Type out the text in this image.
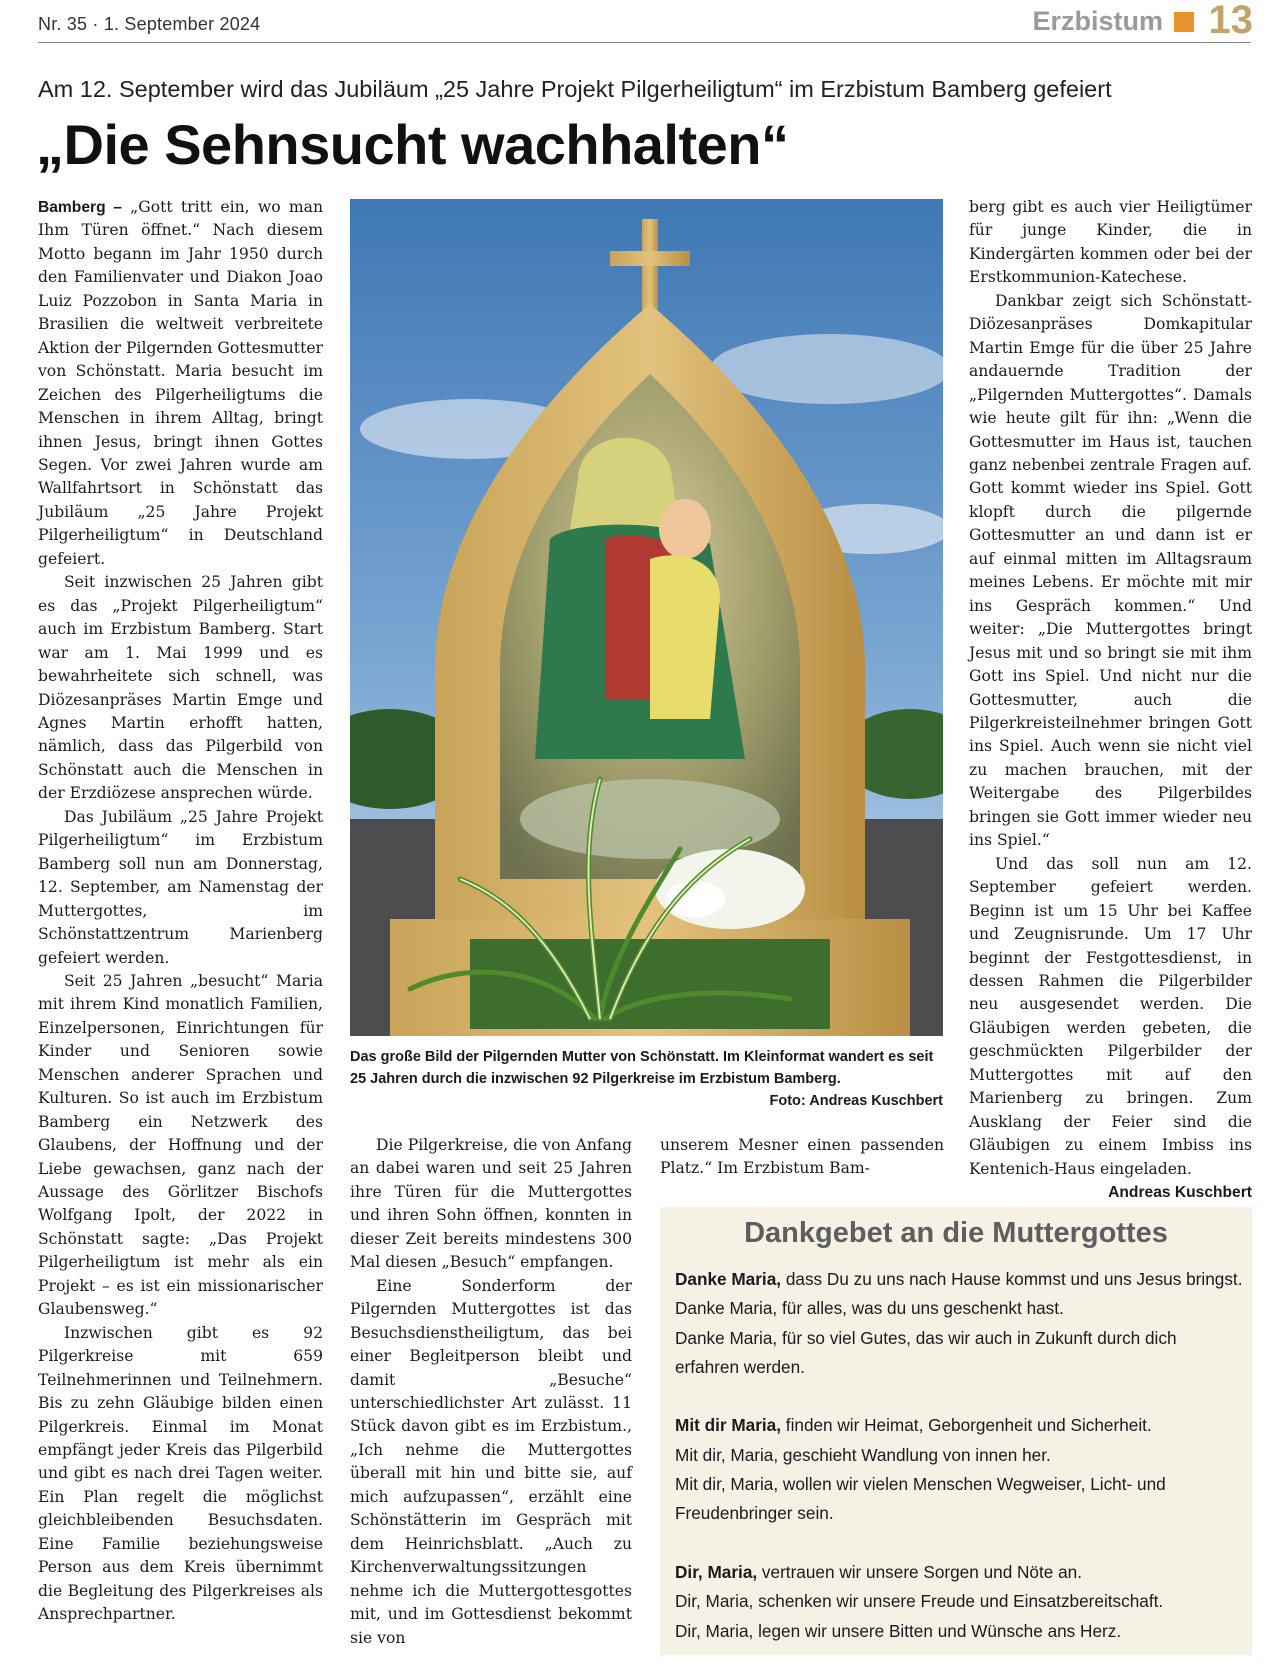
Nr. 35 · 1. September 2024	Erzbistum 13
Am 12. September wird das Jubiläum „25 Jahre Projekt Pilgerheiligtum“ im Erzbistum Bamberg gefeiert
„Die Sehnsucht wachhalten“

Bamberg – „Gott tritt ein, wo man Ihm Türen öffnet.“ Nach diesem Motto begann im Jahr 1950 durch den Familienvater und Diakon Joao Luiz Pozzobon in Santa Maria in Brasilien die weltweit verbreitete Aktion der Pilgernden Gottesmutter von Schönstatt. Maria besucht im Zeichen des Pilgerheiligtums die Menschen in ihrem Alltag, bringt ihnen Jesus, bringt ihnen Gottes Segen. Vor zwei Jahren wurde am Wallfahrtsort in Schönstatt das Jubiläum „25 Jahre Projekt Pilgerheiligtum“ in Deutschland gefeiert.

Seit inzwischen 25 Jahren gibt es das „Projekt Pilgerheiligtum“ auch im Erzbistum Bamberg. Start war am 1. Mai 1999 und es bewahrheitete sich schnell, was Diözesanpräses Martin Emge und Agnes Martin erhofft hatten, nämlich, dass das Pilgerbild von Schönstatt auch die Menschen in der Erzdiözese ansprechen würde.

Das Jubiläum „25 Jahre Projekt Pilgerheiligtum“ im Erzbistum Bamberg soll nun am Donnerstag, 12. September, am Namenstag der Muttergottes, im Schönstattzentrum Marienberg gefeiert werden.

Seit 25 Jahren „besucht“ Maria mit ihrem Kind monatlich Familien, Einzelpersonen, Einrichtungen für Kinder und Senioren sowie Menschen anderer Sprachen und Kulturen. So ist auch im Erzbistum Bamberg ein Netzwerk des Glaubens, der Hoffnung und der Liebe gewachsen, ganz nach der Aussage des Görlitzer Bischofs Wolfgang Ipolt, der 2022 in Schönstatt sagte: „Das Projekt Pilgerheiligtum ist mehr als ein Projekt – es ist ein missionarischer Glaubensweg.“

Inzwischen gibt es 92 Pilgerkreise mit 659 Teilnehmerinnen und Teilnehmern. Bis zu zehn Gläubige bilden einen Pilgerkreis. Einmal im Monat empfängt jeder Kreis das Pilgerbild und gibt es nach drei Tagen weiter. Ein Plan regelt die möglichst gleichbleibenden Besuchsdaten. Eine Familie beziehungsweise Person aus dem Kreis übernimmt die Begleitung des Pilgerkreises als Ansprechpartner.

Das große Bild der Pilgernden Mutter von Schönstatt. Im Kleinformat wandert es seit 25 Jahren durch die inzwischen 92 Pilgerkreise im Erzbistum Bamberg.
Foto: Andreas Kuschbert

Die Pilgerkreise, die von Anfang an dabei waren und seit 25 Jahren ihre Türen für die Muttergottes und ihren Sohn öffnen, konnten in dieser Zeit bereits mindestens 300 Mal diesen „Besuch“ empfangen.

Eine Sonderform der Pilgernden Muttergottes ist das Besuchsdienstheiligtum, das bei einer Begleitperson bleibt und damit „Besuche“ unterschiedlichster Art zulässt. 11 Stück davon gibt es im Erzbistum., „Ich nehme die Muttergottes überall mit hin und bitte sie, auf mich aufzupassen“, erzählt eine Schönstätterin im Gespräch mit dem Heinrichsblatt. „Auch zu Kirchenverwaltungssitzungen nehme ich die Muttergottesgottes mit, und im Gottesdienst bekommt sie von

unserem Mesner einen passenden Platz.“ Im Erzbistum Bam-

berg gibt es auch vier Heiligtümer für junge Kinder, die in Kindergärten kommen oder bei der Erstkommunion-Katechese.

Dankbar zeigt sich Schönstatt-Diözesanpräses Domkapitular Martin Emge für die über 25 Jahre andauernde Tradition der „Pilgernden Muttergottes“. Damals wie heute gilt für ihn: „Wenn die Gottesmutter im Haus ist, tauchen ganz nebenbei zentrale Fragen auf. Gott kommt wieder ins Spiel. Gott klopft durch die pilgernde Gottesmutter an und dann ist er auf einmal mitten im Alltagsraum meines Lebens. Er möchte mit mir ins Gespräch kommen.“ Und weiter: „Die Muttergottes bringt Jesus mit und so bringt sie mit ihm Gott ins Spiel. Und nicht nur die Gottesmutter, auch die Pilgerkreisteilnehmer bringen Gott ins Spiel. Auch wenn sie nicht viel zu machen brauchen, mit der Weitergabe des Pilgerbildes bringen sie Gott immer wieder neu ins Spiel.“

Und das soll nun am 12. September gefeiert werden. Beginn ist um 15 Uhr bei Kaffee und Zeugnisrunde. Um 17 Uhr beginnt der Festgottesdienst, in dessen Rahmen die Pilgerbilder neu ausgesendet werden. Die Gläubigen werden gebeten, die geschmückten Pilgerbilder der Muttergottes mit auf den Marienberg zu bringen. Zum Ausklang der Feier sind die Gläubigen zu einem Imbiss ins Kentenich-Haus eingeladen.

Andreas Kuschbert

Dankgebet an die Muttergottes
Danke Maria, dass Du zu uns nach Hause kommst und uns Jesus bringst.
Danke Maria, für alles, was du uns geschenkt hast.
Danke Maria, für so viel Gutes, das wir auch in Zukunft durch dich erfahren werden.
Mit dir Maria, finden wir Heimat, Geborgenheit und Sicherheit.
Mit dir, Maria, geschieht Wandlung von innen her.
Mit dir, Maria, wollen wir vielen Menschen Wegweiser, Licht- und Freudenbringer sein.
Dir, Maria, vertrauen wir unsere Sorgen und Nöte an.
Dir, Maria, schenken wir unsere Freude und Einsatzbereitschaft.
Dir, Maria, legen wir unsere Bitten und Wünsche ans Herz.
